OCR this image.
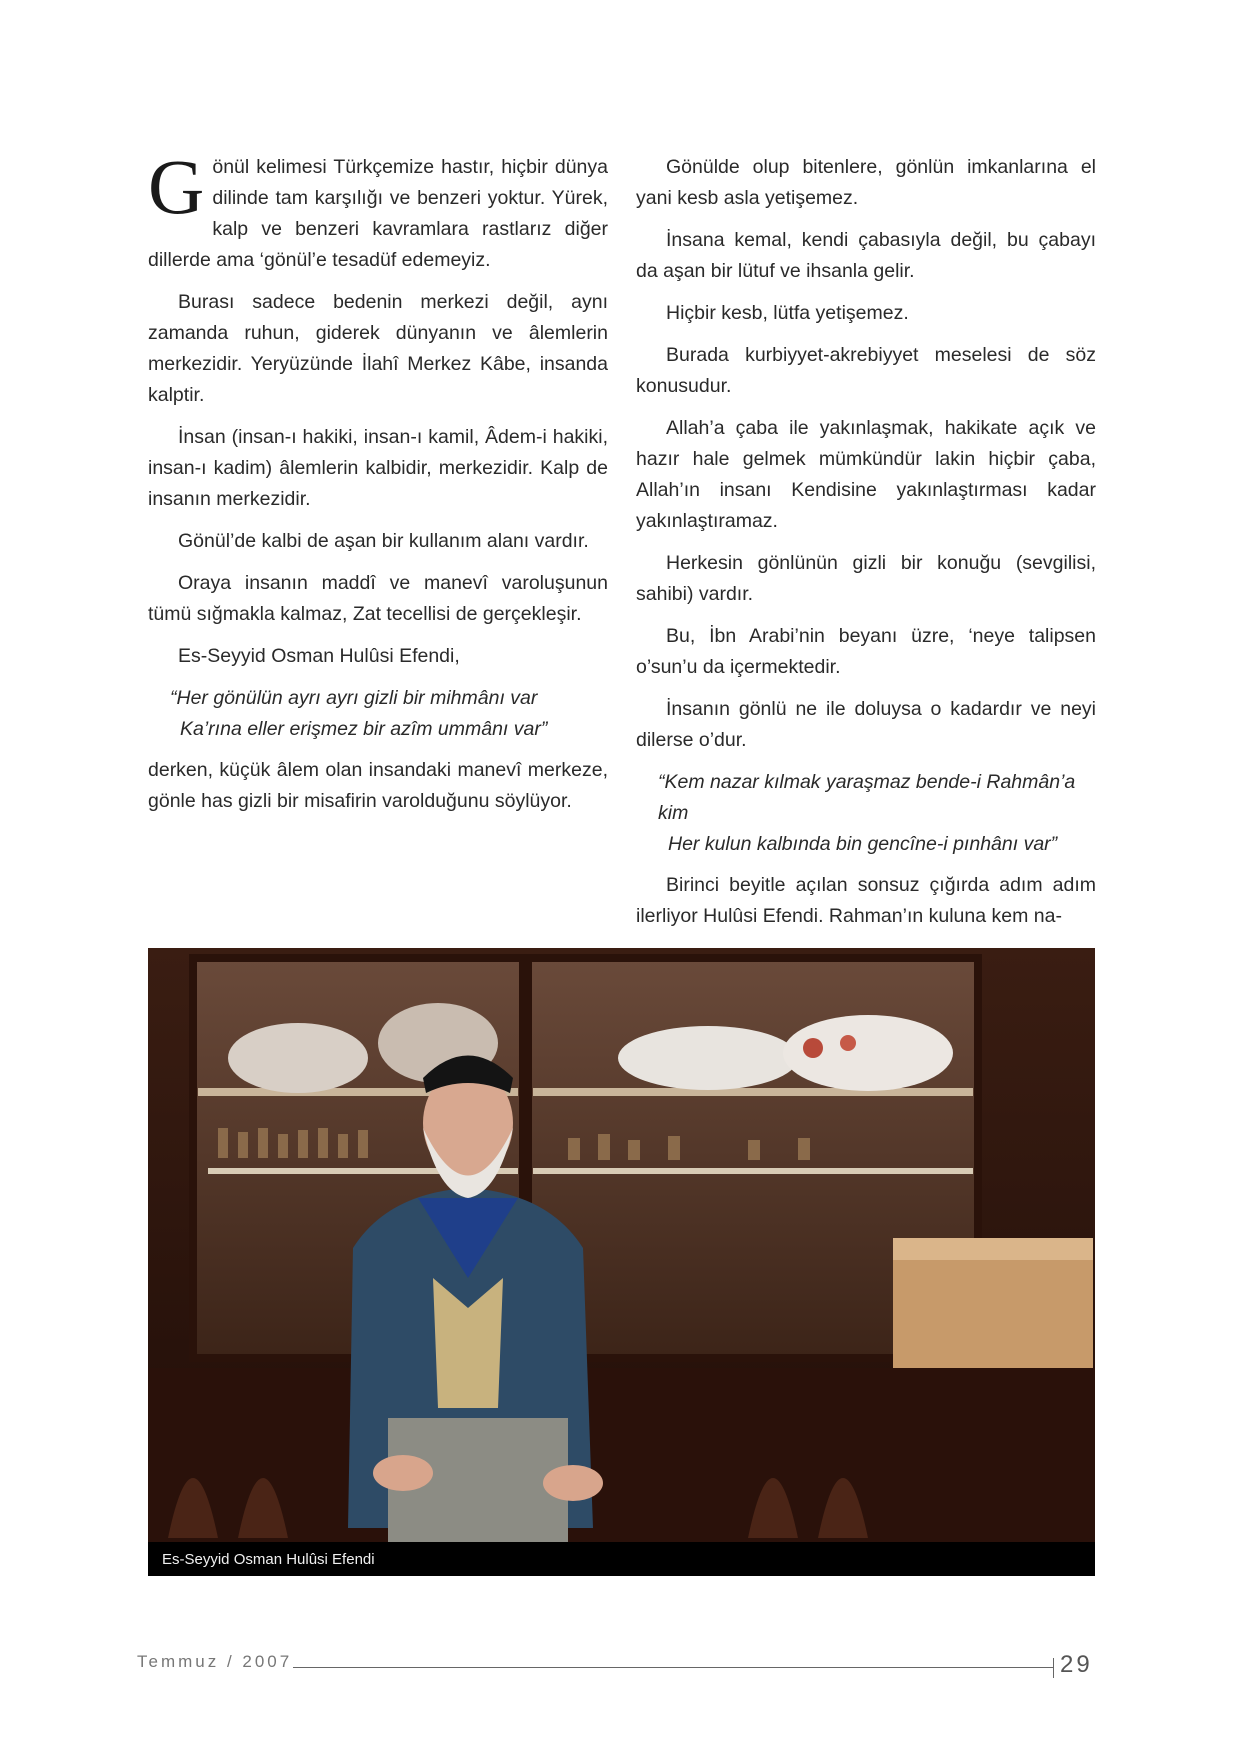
Gönül kelimesi Türkçemize hastır, hiçbir dünya dilinde tam karşılığı ve benzeri yoktur. Yürek, kalp ve benzeri kavramlara rastlarız diğer dillerde ama ‘gönül’e tesadüf edemeyiz.

Burası sadece bedenin merkezi değil, aynı zamanda ruhun, giderek dünyanın ve âlemlerin merkezidir. Yeryüzünde İlahî Merkez Kâbe, insanda kalptir.

İnsan (insan-ı hakiki, insan-ı kamil, Âdem-i hakiki, insan-ı kadim) âlemlerin kalbidir, merkezidir. Kalp de insanın merkezidir.

Gönül’de kalbi de aşan bir kullanım alanı vardır.

Oraya insanın maddî ve manevî varoluşunun tümü sığmakla kalmaz, Zat tecellisi de gerçekleşir.

Es-Seyyid Osman Hulûsi Efendi,

“Her gönülün ayrı ayrı gizli bir mihmânı var
Ka’rına eller erişmez bir azîm ummânı var”

derken, küçük âlem olan insandaki manevî merkeze, gönle has gizli bir misafirin varolduğunu söylüyor.

Gönülde olup bitenlere, gönlün imkanlarına el yani kesb asla yetişemez.

İnsana kemal, kendi çabasıyla değil, bu çabayı da aşan bir lütuf ve ihsanla gelir.

Hiçbir kesb, lütfa yetişemez.

Burada kurbiyyet-akrebiyyet meselesi de söz konusudur.

Allah’a çaba ile yakınlaşmak, hakikate açık ve hazır hale gelmek mümkündür lakin hiçbir çaba, Allah’ın insanı Kendisine yakınlaştırması kadar yakınlaştıramaz.

Herkesin gönlünün gizli bir konuğu (sevgilisi, sahibi) vardır.

Bu, İbn Arabi’nin beyanı üzre, ‘neye talipsen o’sun’u da içermektedir.

İnsanın gönlü ne ile doluysa o kadardır ve neyi dilerse o’dur.

“Kem nazar kılmak yaraşmaz bende-i Rahmân’a kim
Her kulun kalbında bin gencîne-i pınhânı var”

Birinci beyitle açılan sonsuz çığırda adım adım ilerliyor Hulûsi Efendi. Rahman’ın kuluna kem na-

Es-Seyyid Osman Hulûsi Efendi
Temmuz / 2007	29
